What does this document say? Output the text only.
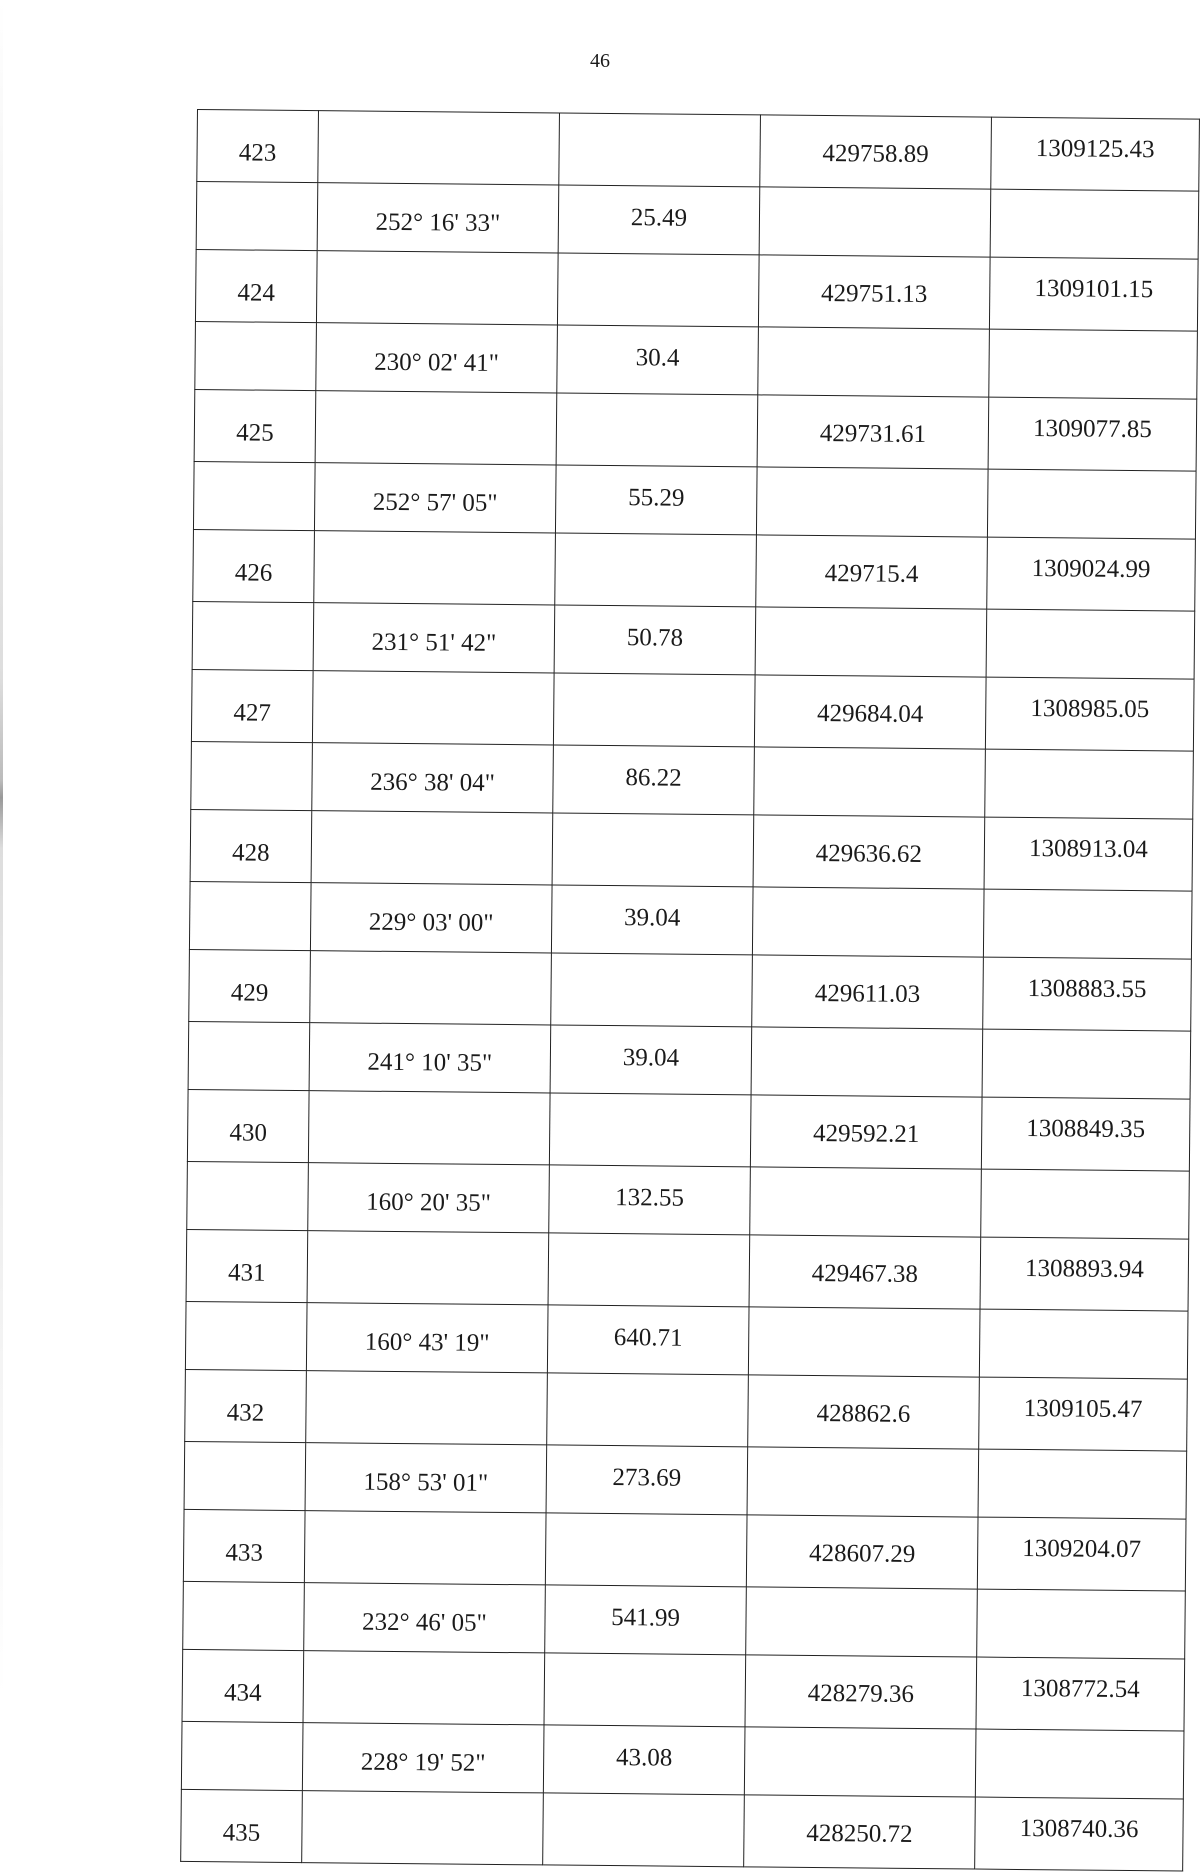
46
423			429758.89	1309125.43
	252° 16' 33"	25.49		
424			429751.13	1309101.15
	230° 02' 41"	30.4		
425			429731.61	1309077.85
	252° 57' 05"	55.29		
426			429715.4	1309024.99
	231° 51' 42"	50.78		
427			429684.04	1308985.05
	236° 38' 04"	86.22		
428			429636.62	1308913.04
	229° 03' 00"	39.04		
429			429611.03	1308883.55
	241° 10' 35"	39.04		
430			429592.21	1308849.35
	160° 20' 35"	132.55		
431			429467.38	1308893.94
	160° 43' 19"	640.71		
432			428862.6	1309105.47
	158° 53' 01"	273.69		
433			428607.29	1309204.07
	232° 46' 05"	541.99		
434			428279.36	1308772.54
	228° 19' 52"	43.08		
435			428250.72	1308740.36
